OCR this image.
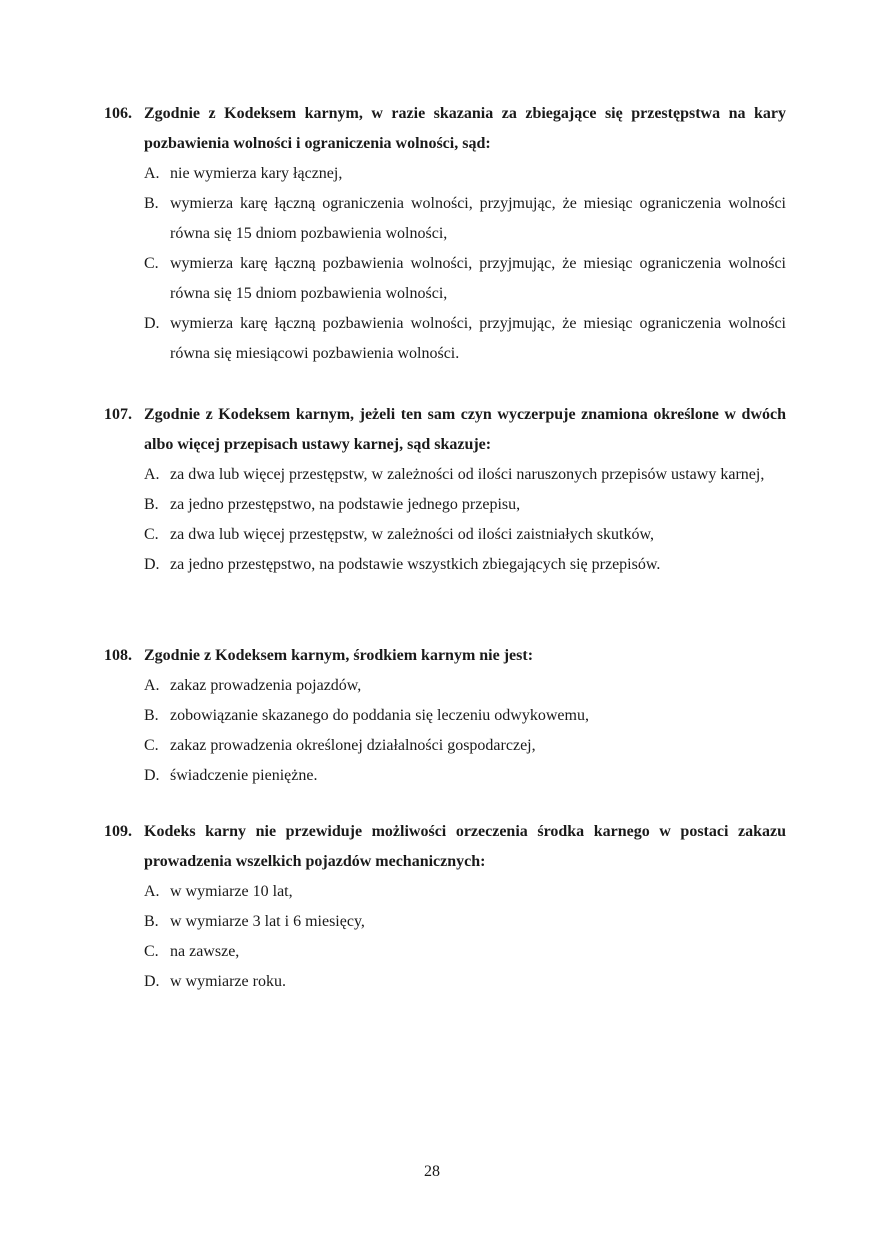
106. Zgodnie z Kodeksem karnym, w razie skazania za zbiegające się przestępstwa na kary pozbawienia wolności i ograniczenia wolności, sąd:
A. nie wymierza kary łącznej,
B. wymierza karę łączną ograniczenia wolności, przyjmując, że miesiąc ograniczenia wolności równa się 15 dniom pozbawienia wolności,
C. wymierza karę łączną pozbawienia wolności, przyjmując, że miesiąc ograniczenia wolności równa się 15 dniom pozbawienia wolności,
D. wymierza karę łączną pozbawienia wolności, przyjmując, że miesiąc ograniczenia wolności równa się miesiącowi pozbawienia wolności.
107. Zgodnie z Kodeksem karnym, jeżeli ten sam czyn wyczerpuje znamiona określone w dwóch albo więcej przepisach ustawy karnej, sąd skazuje:
A. za dwa lub więcej przestępstw, w zależności od ilości naruszonych przepisów ustawy karnej,
B. za jedno przestępstwo, na podstawie jednego przepisu,
C. za dwa lub więcej przestępstw, w zależności od ilości zaistniałych skutków,
D. za jedno przestępstwo, na podstawie wszystkich zbiegających się przepisów.
108. Zgodnie z Kodeksem karnym, środkiem karnym nie jest:
A. zakaz prowadzenia pojazdów,
B. zobowiązanie skazanego do poddania się leczeniu odwykowemu,
C. zakaz prowadzenia określonej działalności gospodarczej,
D. świadczenie pieniężne.
109. Kodeks karny nie przewiduje możliwości orzeczenia środka karnego w postaci zakazu prowadzenia wszelkich pojazdów mechanicznych:
A. w wymiarze 10 lat,
B. w wymiarze 3 lat i 6 miesięcy,
C. na zawsze,
D. w wymiarze roku.
28
